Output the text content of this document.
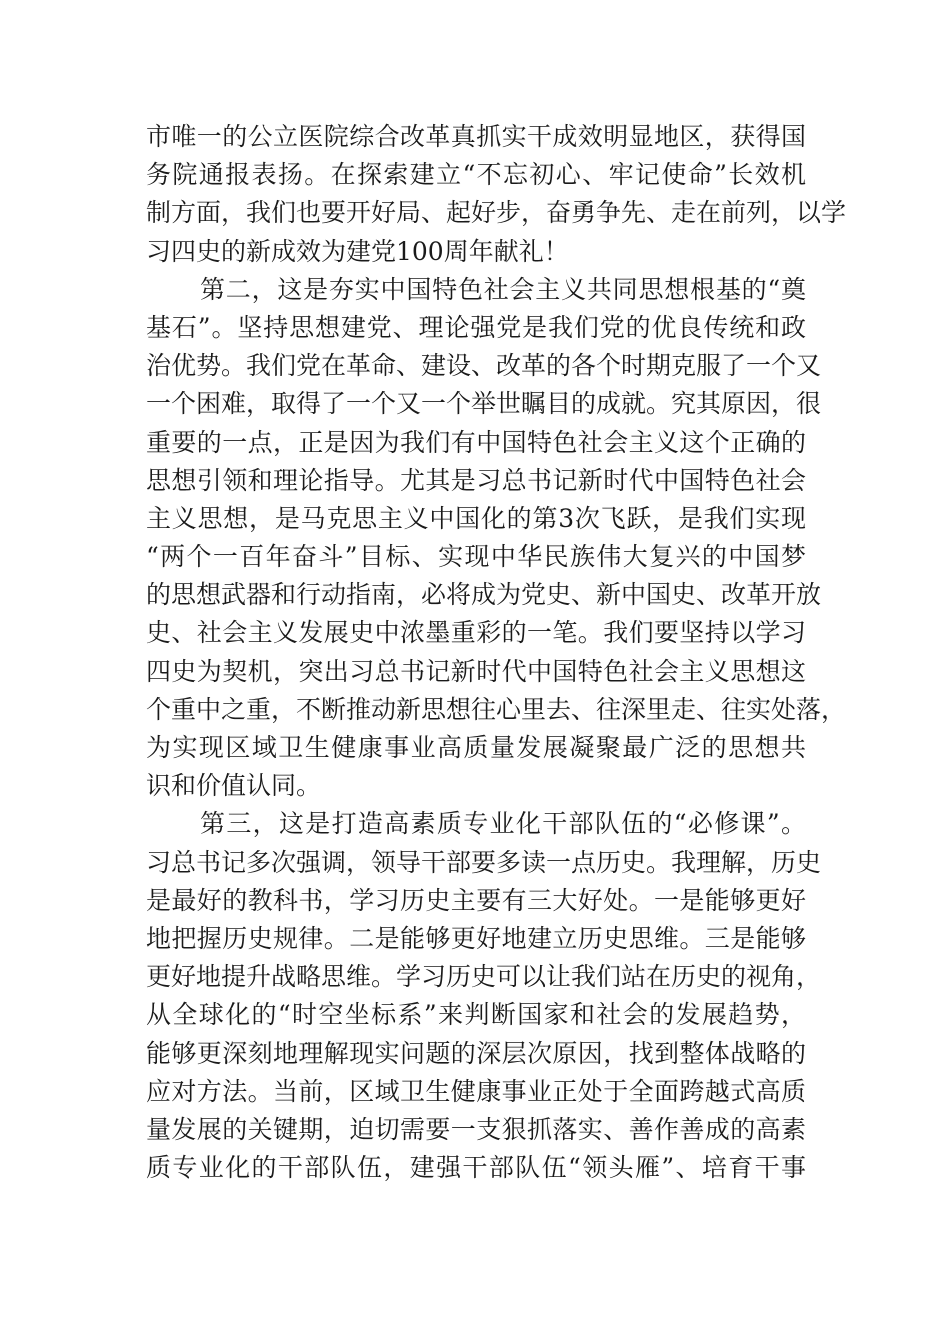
市唯一的公立医院综合改革真抓实干成效明显地区，获得国
务院通报表扬。在探索建立“不忘初心、牢记使命”长效机
制方面，我们也要开好局、起好步，奋勇争先、走在前列，以学
习四史的新成效为建党100周年献礼！
第二，这是夯实中国特色社会主义共同思想根基的“奠
基石”。坚持思想建党、理论强党是我们党的优良传统和政
治优势。我们党在革命、建设、改革的各个时期克服了一个又
一个困难，取得了一个又一个举世瞩目的成就。究其原因，很
重要的一点，正是因为我们有中国特色社会主义这个正确的
思想引领和理论指导。尤其是习总书记新时代中国特色社会
主义思想，是马克思主义中国化的第3次飞跃，是我们实现
“两个一百年奋斗”目标、实现中华民族伟大复兴的中国梦
的思想武器和行动指南，必将成为党史、新中国史、改革开放
史、社会主义发展史中浓墨重彩的一笔。我们要坚持以学习
四史为契机，突出习总书记新时代中国特色社会主义思想这
个重中之重，不断推动新思想往心里去、往深里走、往实处落，
为实现区域卫生健康事业高质量发展凝聚最广泛的思想共
识和价值认同。
第三，这是打造高素质专业化干部队伍的“必修课”。
习总书记多次强调，领导干部要多读一点历史。我理解，历史
是最好的教科书，学习历史主要有三大好处。一是能够更好
地把握历史规律。二是能够更好地建立历史思维。三是能够
更好地提升战略思维。学习历史可以让我们站在历史的视角，
从全球化的“时空坐标系”来判断国家和社会的发展趋势，
能够更深刻地理解现实问题的深层次原因，找到整体战略的
应对方法。当前，区域卫生健康事业正处于全面跨越式高质
量发展的关键期，迫切需要一支狠抓落实、善作善成的高素
质专业化的干部队伍，建强干部队伍“领头雁”、培育干事
